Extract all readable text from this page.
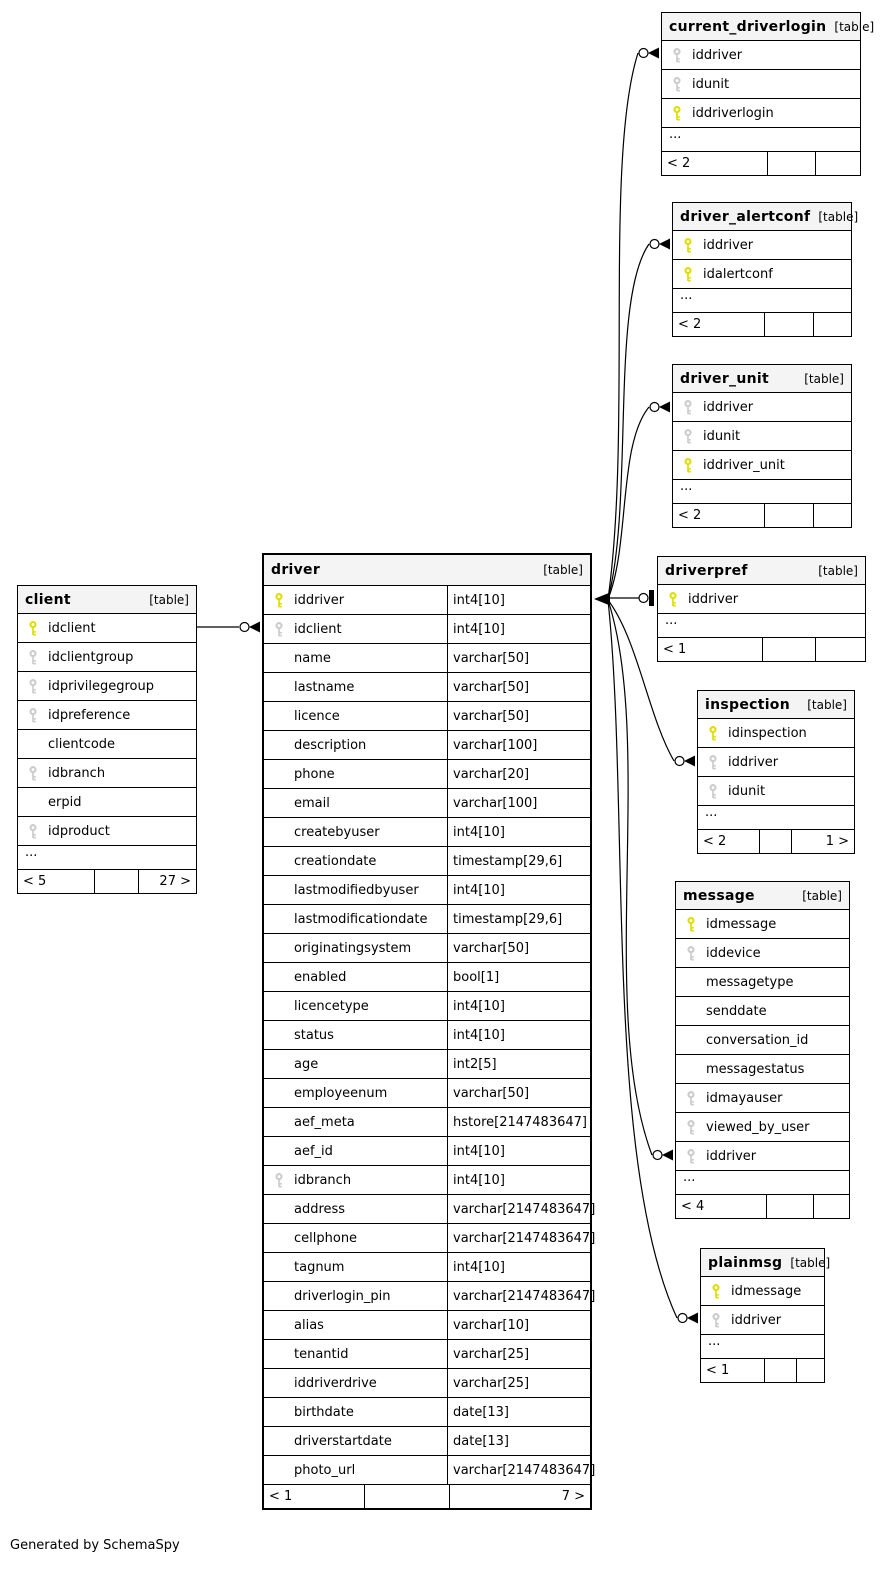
current_driverlogin [table]
iddriver
idunit
iddriverlogin
...
< 2
driver_alertconf [table]
iddriver
idalertconf
...
< 2
driver_unit	[table]
iddriver
idunit
iddriver_unit
...
< 2
driverpref	[table]
iddriver
...
< 1
inspection [table]
idinspection
iddriver
idunit
...
< 2	1 >
message	[table]
idmessage
iddevice
messagetype
senddate
conversation_id
messagestatus
idmayauser
viewed_by_user
iddriver
...
< 4
plainmsg [table]
idmessage
iddriver
...
< 1
client	[table]
idclient
idclientgroup
idprivilegegroup
idpreference
clientcode
idbranch
erpid
idproduct
...
< 5	27 >
driver	[table]
iddriver	int4[10]
idclient	int4[10]
name	varchar[50]
lastname	varchar[50]
licence	varchar[50]
description	varchar[100]
phone	varchar[20]
email	varchar[100]
createbyuser	int4[10]
creationdate	timestamp[29,6]
lastmodifiedbyuser	int4[10]
lastmodificationdate	timestamp[29,6]
originatingsystem	varchar[50]
enabled	bool[1]
licencetype	int4[10]
status	int4[10]
age	int2[5]
employeenum	varchar[50]
aef_meta	hstore[2147483647]
aef_id	int4[10]
idbranch	int4[10]
address	varchar[2147483647]
cellphone	varchar[2147483647]
tagnum	int4[10]
driverlogin_pin	varchar[2147483647]
alias	varchar[10]
tenantid	varchar[25]
iddriverdrive	varchar[25]
birthdate	date[13]
driverstartdate	date[13]
photo_url	varchar[2147483647]
< 1	7 >
Generated by SchemaSpy
